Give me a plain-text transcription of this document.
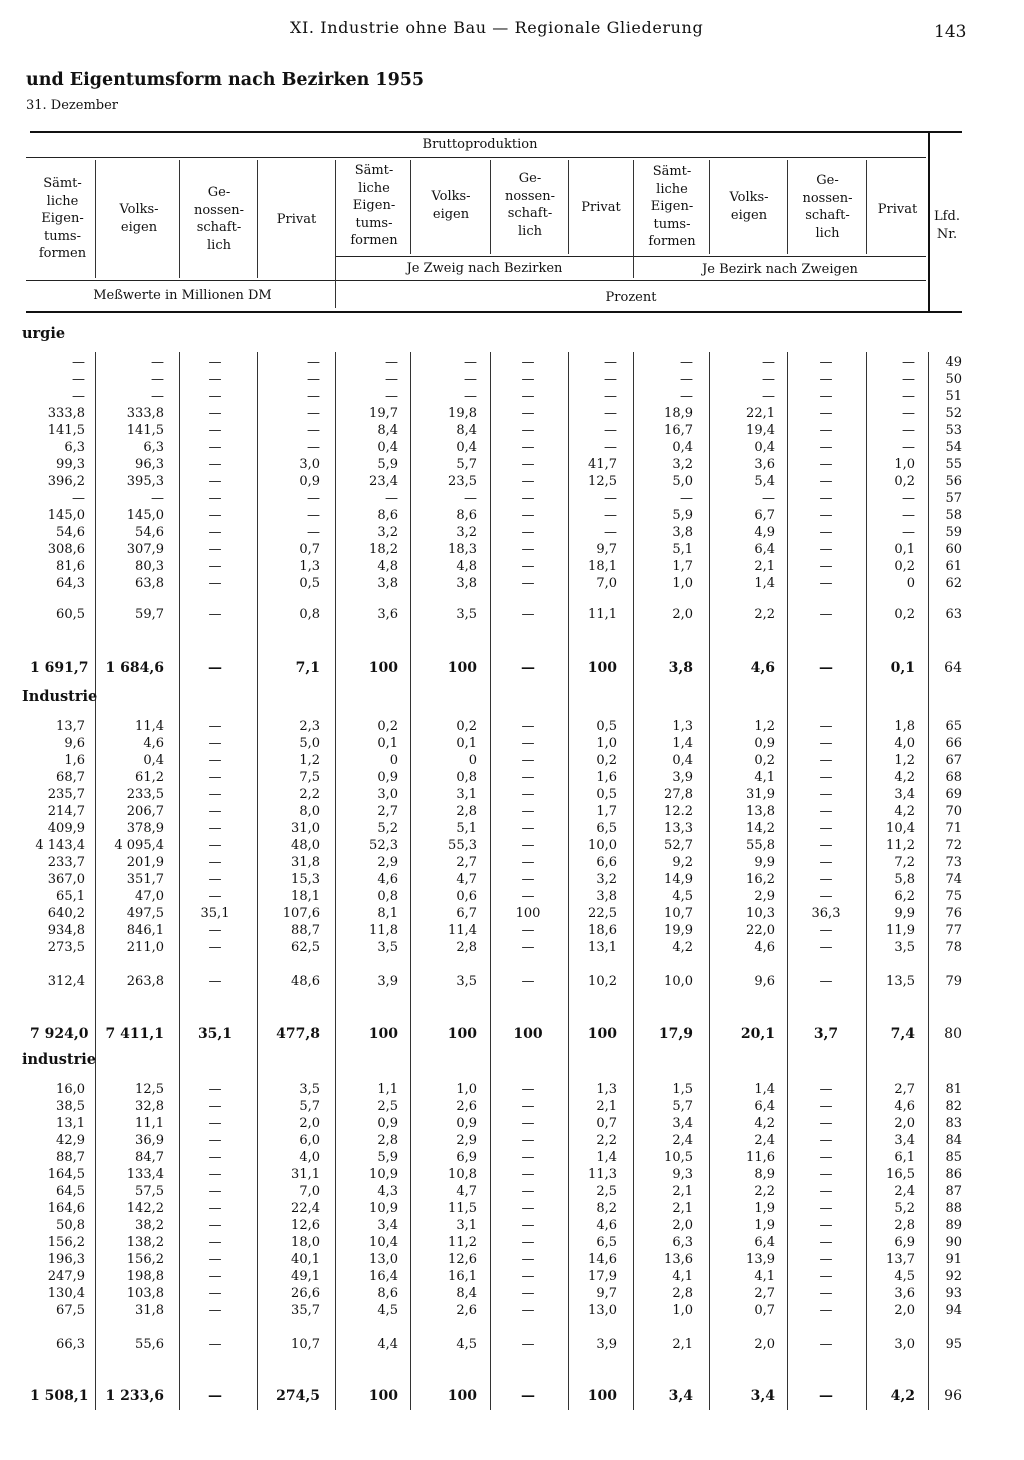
XI. Industrie ohne Bau — Regionale Gliederung	143
und Eigentumsform nach Bezirken 1955
31. Dezember
Bruttoproduktion
Sämt-
liche
Eigen-
tums-
formen
Volks-
eigen
Ge-
nossen-
schaft-
lich
Privat
Sämt-
liche
Eigen-
tums-
formen
Volks-
eigen
Ge-
nossen-
schaft-
lich
Privat
Sämt-
liche
Eigen-
tums-
formen
Volks-
eigen
Ge-
nossen-
schaft-
lich
Privat	Lfd.
Nr.
Je Zweig nach Bezirken	Je Bezirk nach Zweigen
Meßwerte in Millionen DM	Prozent
urgie
Industrie
industrie
—	—	—	—	—	—	—	—	—	—	—	—	49
—	—	—	—	—	—	—	—	—	—	—	—	50
—	—	—	—	—	—	—	—	—	—	—	—	51
333,8	333,8	—	—	19,7	19,8	—	—	18,9	22,1	—	—	52
141,5	141,5	—	—	8,4	8,4	—	—	16,7	19,4	—	—	53
6,3	6,3	—	—	0,4	0,4	—	—	0,4	0,4	—	—	54
99,3	96,3	—	3,0	5,9	5,7	—	41,7	3,2	3,6	—	1,0	55
396,2	395,3	—	0,9	23,4	23,5	—	12,5	5,0	5,4	—	0,2	56
—	—	—	—	—	—	—	—	—	—	—	—	57
145,0	145,0	—	—	8,6	8,6	—	—	5,9	6,7	—	—	58
54,6	54,6	—	—	3,2	3,2	—	—	3,8	4,9	—	—	59
308,6	307,9	—	0,7	18,2	18,3	—	9,7	5,1	6,4	—	0,1	60
81,6	80,3	—	1,3	4,8	4,8	—	18,1	1,7	2,1	—	0,2	61
64,3	63,8	—	0,5	3,8	3,8	—	7,0	1,0	1,4	—	0	62
60,5	59,7	—	0,8	3,6	3,5	—	11,1	2,0	2,2	—	0,2	63
1 691,7	1 684,6	—	7,1	100	100	—	100	3,8	4,6	—	0,1	64
13,7	11,4	—	2,3	0,2	0,2	—	0,5	1,3	1,2	—	1,8	65
9,6	4,6	—	5,0	0,1	0,1	—	1,0	1,4	0,9	—	4,0	66
1,6	0,4	—	1,2	0	0	—	0,2	0,4	0,2	—	1,2	67
68,7	61,2	—	7,5	0,9	0,8	—	1,6	3,9	4,1	—	4,2	68
235,7	233,5	—	2,2	3,0	3,1	—	0,5	27,8	31,9	—	3,4	69
214,7	206,7	—	8,0	2,7	2,8	—	1,7	12.2	13,8	—	4,2	70
409,9	378,9	—	31,0	5,2	5,1	—	6,5	13,3	14,2	—	10,4	71
4 143,4	4 095,4	—	48,0	52,3	55,3	—	10,0	52,7	55,8	—	11,2	72
233,7	201,9	—	31,8	2,9	2,7	—	6,6	9,2	9,9	—	7,2	73
367,0	351,7	—	15,3	4,6	4,7	—	3,2	14,9	16,2	—	5,8	74
65,1	47,0	—	18,1	0,8	0,6	—	3,8	4,5	2,9	—	6,2	75
640,2	497,5	35,1	107,6	8,1	6,7	100	22,5	10,7	10,3	36,3	9,9	76
934,8	846,1	—	88,7	11,8	11,4	—	18,6	19,9	22,0	—	11,9	77
273,5	211,0	—	62,5	3,5	2,8	—	13,1	4,2	4,6	—	3,5	78
312,4	263,8	—	48,6	3,9	3,5	—	10,2	10,0	9,6	—	13,5	79
7 924,0	7 411,1	35,1	477,8	100	100	100	100	17,9	20,1	3,7	7,4	80
16,0	12,5	—	3,5	1,1	1,0	—	1,3	1,5	1,4	—	2,7	81
38,5	32,8	—	5,7	2,5	2,6	—	2,1	5,7	6,4	—	4,6	82
13,1	11,1	—	2,0	0,9	0,9	—	0,7	3,4	4,2	—	2,0	83
42,9	36,9	—	6,0	2,8	2,9	—	2,2	2,4	2,4	—	3,4	84
88,7	84,7	—	4,0	5,9	6,9	—	1,4	10,5	11,6	—	6,1	85
164,5	133,4	—	31,1	10,9	10,8	—	11,3	9,3	8,9	—	16,5	86
64,5	57,5	—	7,0	4,3	4,7	—	2,5	2,1	2,2	—	2,4	87
164,6	142,2	—	22,4	10,9	11,5	—	8,2	2,1	1,9	—	5,2	88
50,8	38,2	—	12,6	3,4	3,1	—	4,6	2,0	1,9	—	2,8	89
156,2	138,2	—	18,0	10,4	11,2	—	6,5	6,3	6,4	—	6,9	90
196,3	156,2	—	40,1	13,0	12,6	—	14,6	13,6	13,9	—	13,7	91
247,9	198,8	—	49,1	16,4	16,1	—	17,9	4,1	4,1	—	4,5	92
130,4	103,8	—	26,6	8,6	8,4	—	9,7	2,8	2,7	—	3,6	93
67,5	31,8	—	35,7	4,5	2,6	—	13,0	1,0	0,7	—	2,0	94
66,3	55,6	—	10,7	4,4	4,5	—	3,9	2,1	2,0	—	3,0	95
1 508,1	1 233,6	—	274,5	100	100	—	100	3,4	3,4	—	4,2	96
